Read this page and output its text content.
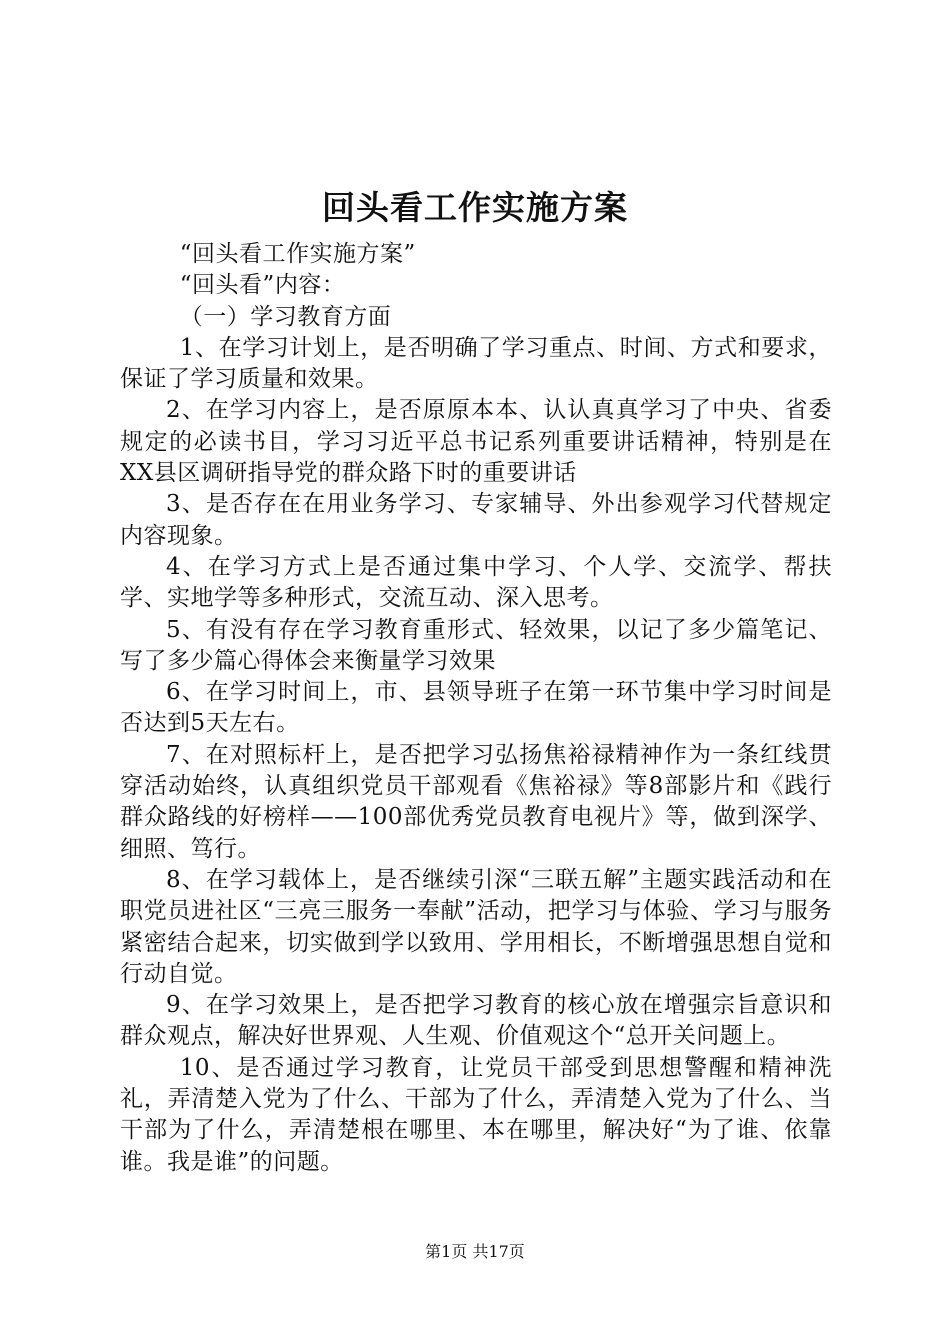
回头看工作实施方案

“回头看工作实施方案”

“回头看”内容：

（一）学习教育方面

1、在学习计划上，是否明确了学习重点、时间、方式和要求，保证了学习质量和效果。

2、在学习内容上，是否原原本本、认认真真学习了中央、省委规定的必读书目，学习习近平总书记系列重要讲话精神，特别是在XX县区调研指导党的群众路下时的重要讲话

3、是否存在在用业务学习、专家辅导、外出参观学习代替规定内容现象。

4、在学习方式上是否通过集中学习、个人学、交流学、帮扶学、实地学等多种形式，交流互动、深入思考。

5、有没有存在学习教育重形式、轻效果，以记了多少篇笔记、写了多少篇心得体会来衡量学习效果

6、在学习时间上，市、县领导班子在第一环节集中学习时间是否达到5天左右。

7、在对照标杆上，是否把学习弘扬焦裕禄精神作为一条红线贯穿活动始终，认真组织党员干部观看《焦裕禄》等8部影片和《践行群众路线的好榜样——100部优秀党员教育电视片》等，做到深学、细照、笃行。

8、在学习载体上，是否继续引深“三联五解”主题实践活动和在职党员进社区“三亮三服务一奉献”活动，把学习与体验、学习与服务紧密结合起来，切实做到学以致用、学用相长，不断增强思想自觉和行动自觉。

9、在学习效果上，是否把学习教育的核心放在增强宗旨意识和群众观点，解决好世界观、人生观、价值观这个“总开关问题上。

10、是否通过学习教育，让党员干部受到思想警醒和精神洗礼，弄清楚入党为了什么、干部为了什么，弄清楚入党为了什么、当干部为了什么，弄清楚根在哪里、本在哪里，解决好“为了谁、依靠谁。我是谁”的问题。

第1页 共17页
